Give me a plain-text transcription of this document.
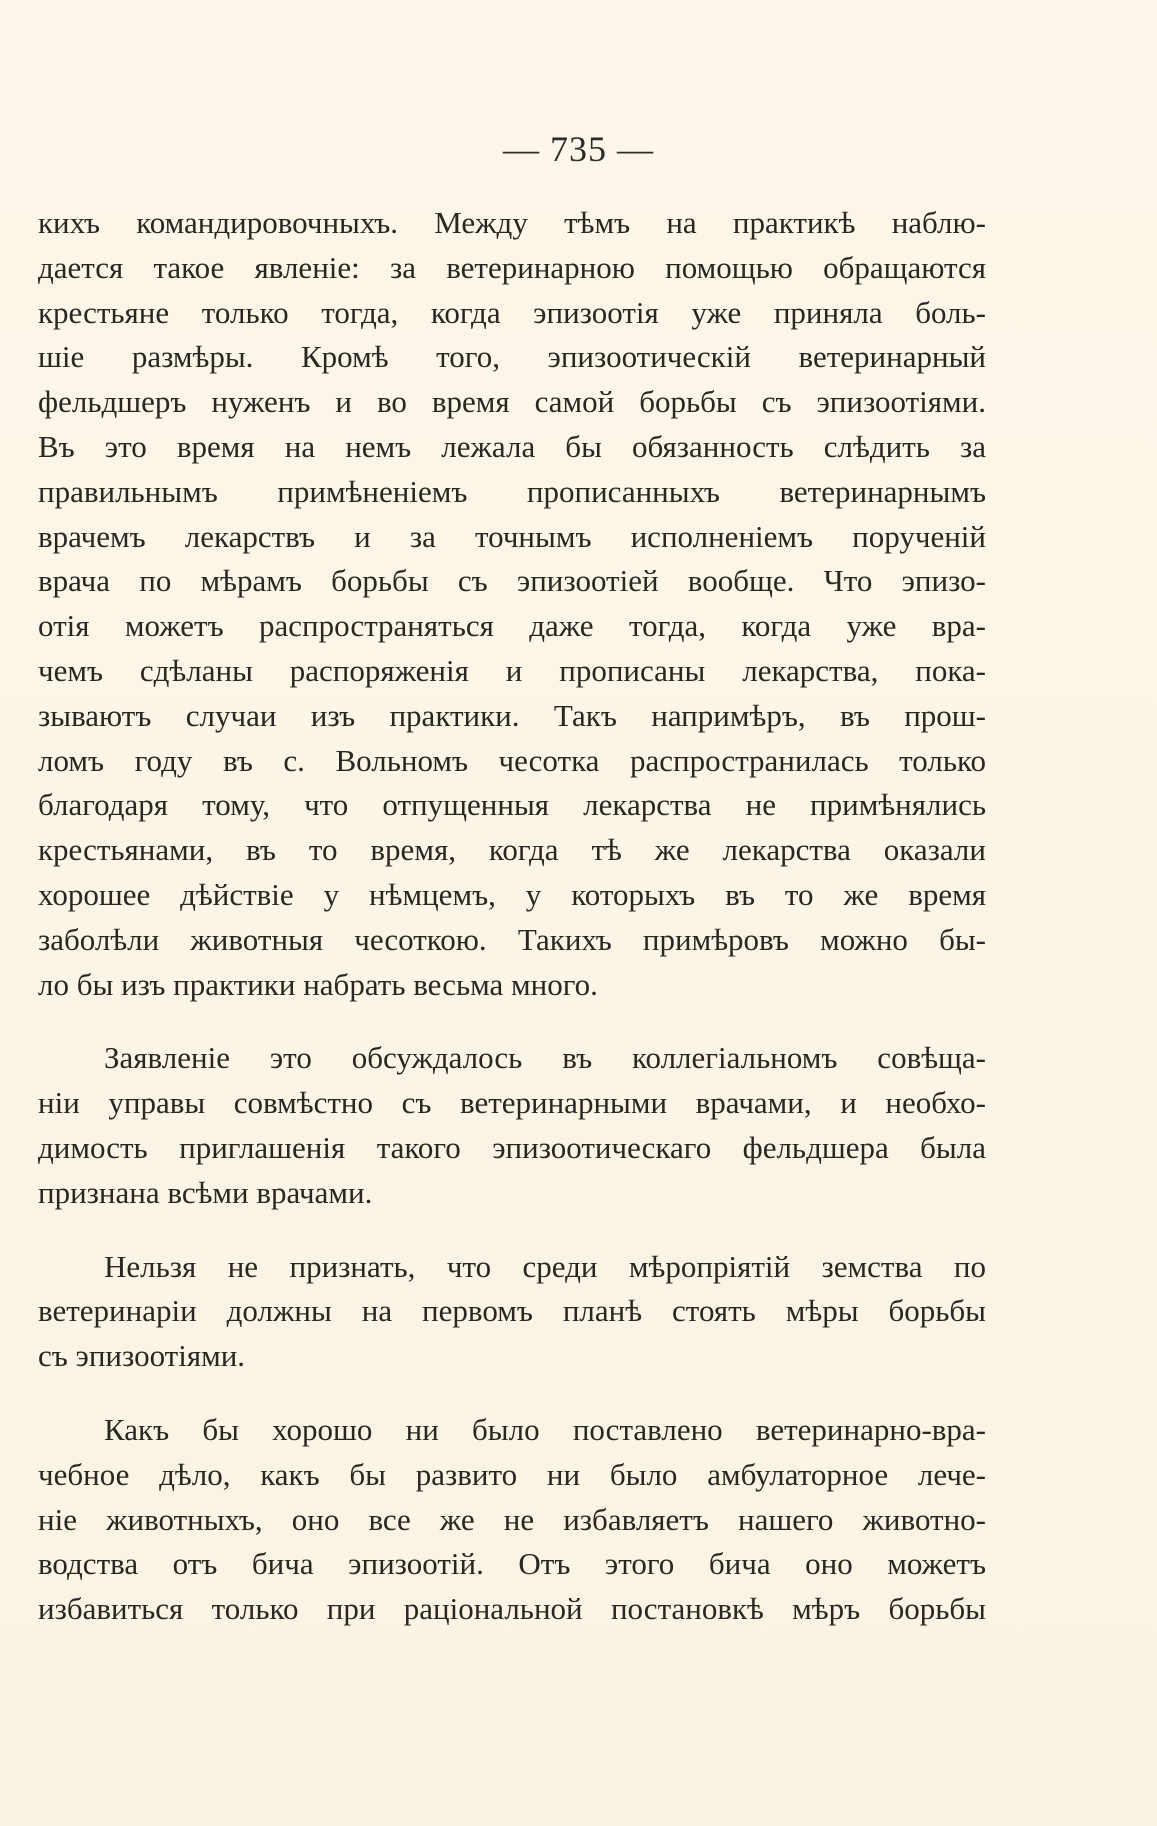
— 735 —
кихъ командировочныхъ. Между тѣмъ на практикѣ наблю-
дается такое явленіе: за ветеринарною помощью обращаются
крестьяне только тогда, когда эпизоотія уже приняла боль-
шіе размѣры. Кромѣ того, эпизоотическій ветеринарный
фельдшеръ нуженъ и во время самой борьбы съ эпизоотіями.
Въ это время на немъ лежала бы обязанность слѣдить за
правильнымъ примѣненіемъ прописанныхъ ветеринарнымъ
врачемъ лекарствъ и за точнымъ исполненіемъ порученій
врача по мѣрамъ борьбы съ эпизоотіей вообще. Что эпизо-
отія можетъ распространяться даже тогда, когда уже вра-
чемъ сдѣланы распоряженія и прописаны лекарства, пока-
зываютъ случаи изъ практики. Такъ напримѣръ, въ прош-
ломъ году въ с. Вольномъ чесотка распространилась только
благодаря тому, что отпущенныя лекарства не примѣнялись
крестьянами, въ то время, когда тѣ же лекарства оказали
хорошее дѣйствіе у нѣмцемъ, у которыхъ въ то же время
заболѣли животныя чесоткою. Такихъ примѣровъ можно бы-
ло бы изъ практики набрать весьма много.
Заявленіе это обсуждалось въ коллегіальномъ совѣща-
ніи управы совмѣстно съ ветеринарными врачами, и необхо-
димость приглашенія такого эпизоотическаго фельдшера была
признана всѣми врачами.
Нельзя не признать, что среди мѣропріятій земства по
ветеринаріи должны на первомъ планѣ стоять мѣры борьбы
съ эпизоотіями.
Какъ бы хорошо ни было поставлено ветеринарно-вра-
чебное дѣло, какъ бы развито ни было амбулаторное лече-
ніе животныхъ, оно все же не избавляетъ нашего животно-
водства отъ бича эпизоотій. Отъ этого бича оно можетъ
избавиться только при раціональной постановкѣ мѣръ борьбы
